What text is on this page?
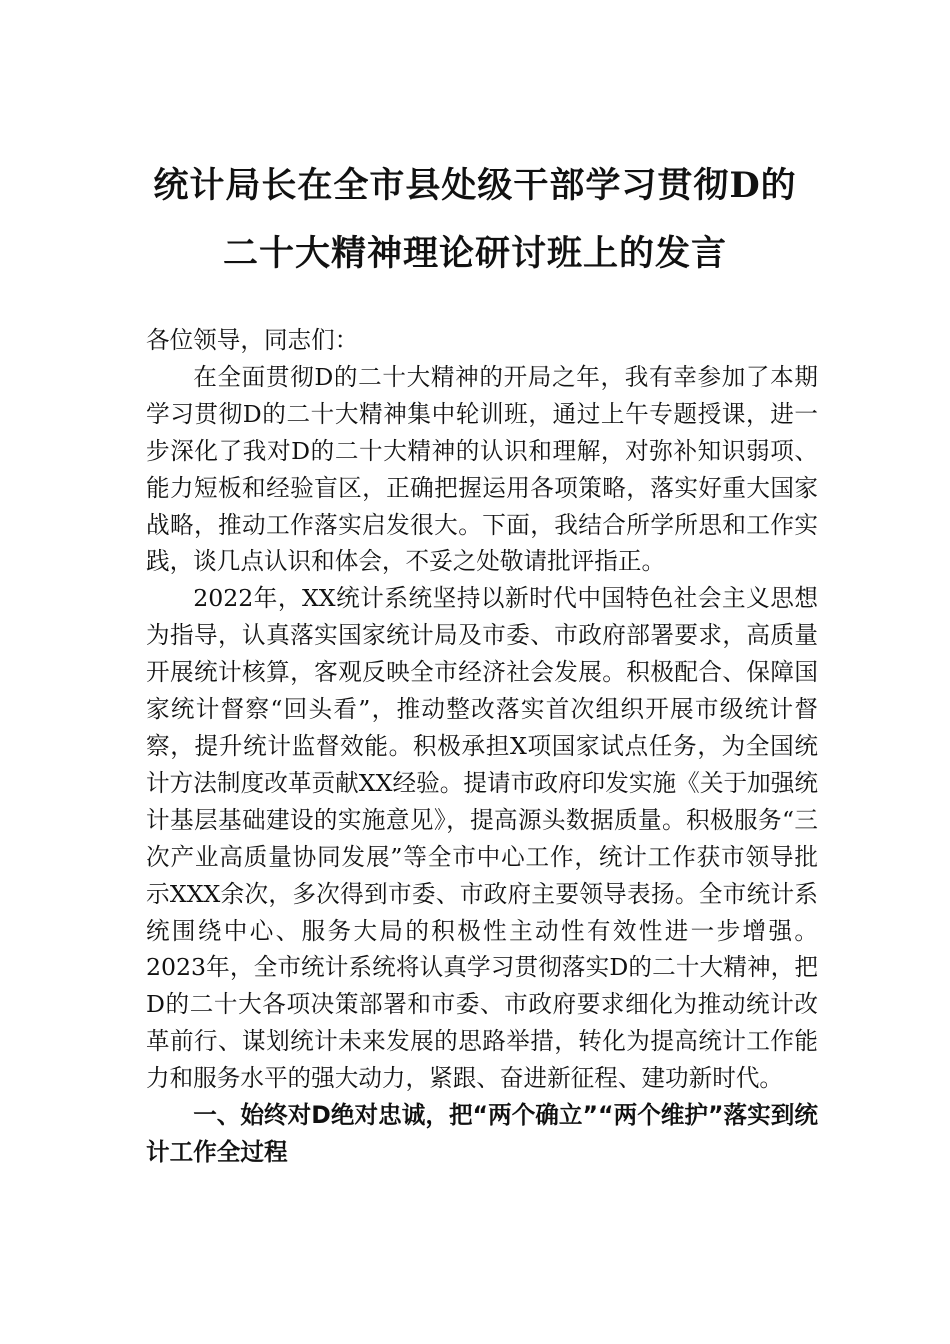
统计局长在全市县处级干部学习贯彻D的
二十大精神理论研讨班上的发言

各位领导，同志们：

在全面贯彻D的二十大精神的开局之年，我有幸参加了本期学习贯彻D的二十大精神集中轮训班，通过上午专题授课，进一步深化了我对D的二十大精神的认识和理解，对弥补知识弱项、能力短板和经验盲区，正确把握运用各项策略，落实好重大国家战略，推动工作落实启发很大。下面，我结合所学所思和工作实践，谈几点认识和体会，不妥之处敬请批评指正。

2022年，XX统计系统坚持以新时代中国特色社会主义思想为指导，认真落实国家统计局及市委、市政府部署要求，高质量开展统计核算，客观反映全市经济社会发展。积极配合、保障国家统计督察“回头看”，推动整改落实首次组织开展市级统计督察，提升统计监督效能。积极承担X项国家试点任务，为全国统计方法制度改革贡献XX经验。提请市政府印发实施《关于加强统计基层基础建设的实施意见》，提高源头数据质量。积极服务“三次产业高质量协同发展”等全市中心工作，统计工作获市领导批示XXX余次，多次得到市委、市政府主要领导表扬。全市统计系统围绕中心、服务大局的积极性主动性有效性进一步增强。2023年，全市统计系统将认真学习贯彻落实D的二十大精神，把D的二十大各项决策部署和市委、市政府要求细化为推动统计改革前行、谋划统计未来发展的思路举措，转化为提高统计工作能力和服务水平的强大动力，紧跟、奋进新征程、建功新时代。

一、始终对D绝对忠诚，把“两个确立”“两个维护”落实到统计工作全过程
